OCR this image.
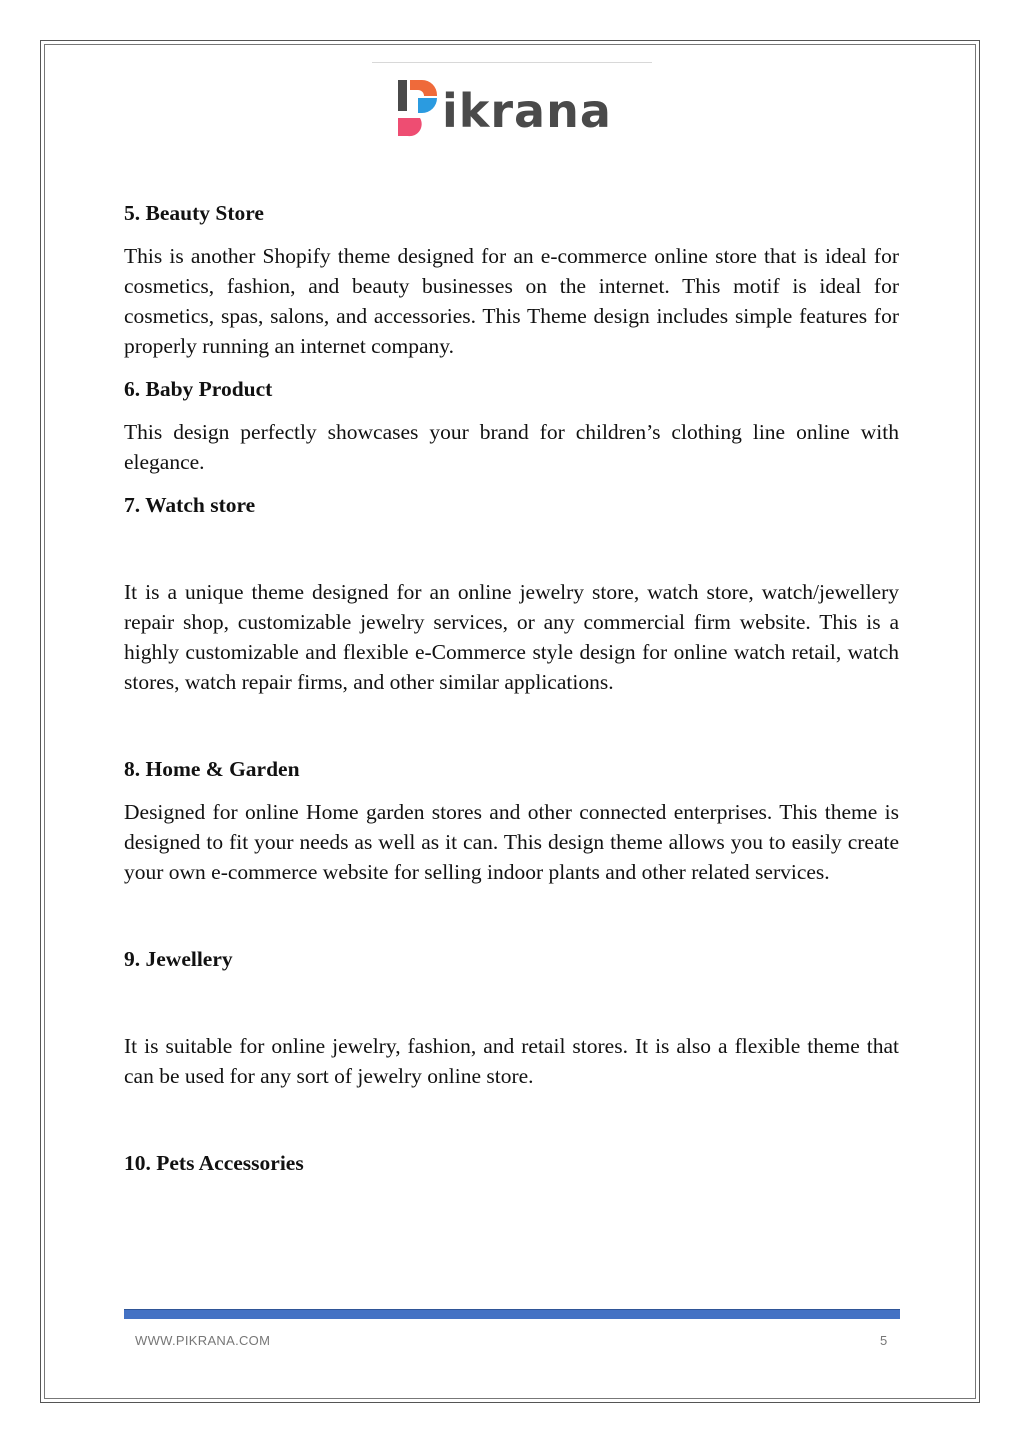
ikrana

5. Beauty Store

This is another Shopify theme designed for an e-commerce online store that is ideal for cosmetics, fashion, and beauty businesses on the internet. This motif is ideal for cosmetics, spas, salons, and accessories. This Theme design includes simple features for properly running an internet company.

6. Baby Product

This design perfectly showcases your brand for children’s clothing line online with elegance.

7. Watch store

It is a unique theme designed for an online jewelry store, watch store, watch/jewellery repair shop, customizable jewelry services, or any commercial firm website. This is a highly customizable and flexible e-Commerce style design for online watch retail, watch stores, watch repair firms, and other similar applications.

8. Home & Garden

Designed for online Home garden stores and other connected enterprises. This theme is designed to fit your needs as well as it can. This design theme allows you to easily create your own e-commerce website for selling indoor plants and other related services.

9. Jewellery

It is suitable for online jewelry, fashion, and retail stores. It is also a flexible theme that can be used for any sort of jewelry online store.

10. Pets Accessories

WWW.PIKRANA.COM	5
